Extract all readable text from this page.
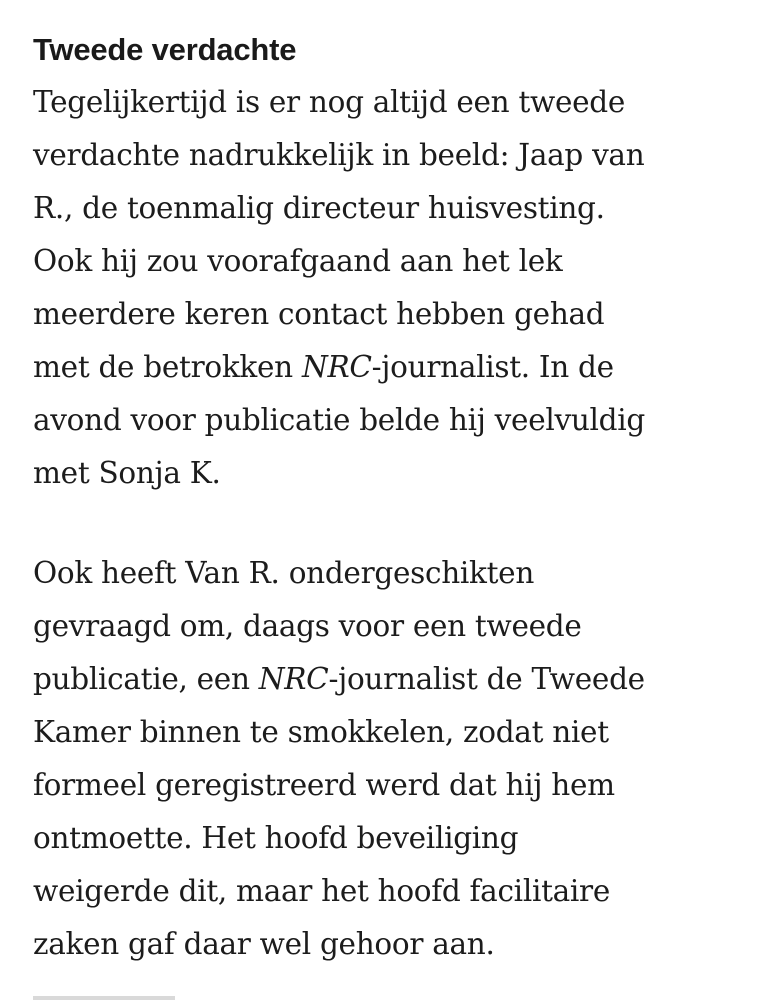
Tweede verdachte

Tegelijkertijd is er nog altijd een tweede
verdachte nadrukkelijk in beeld: Jaap van
R., de toenmalig directeur huisvesting.
Ook hij zou voorafgaand aan het lek
meerdere keren contact hebben gehad
met de betrokken NRC-journalist. In de
avond voor publicatie belde hij veelvuldig
met Sonja K.

Ook heeft Van R. ondergeschikten
gevraagd om, daags voor een tweede
publicatie, een NRC-journalist de Tweede
Kamer binnen te smokkelen, zodat niet
formeel geregistreerd werd dat hij hem
ontmoette. Het hoofd beveiliging
weigerde dit, maar het hoofd facilitaire
zaken gaf daar wel gehoor aan.
